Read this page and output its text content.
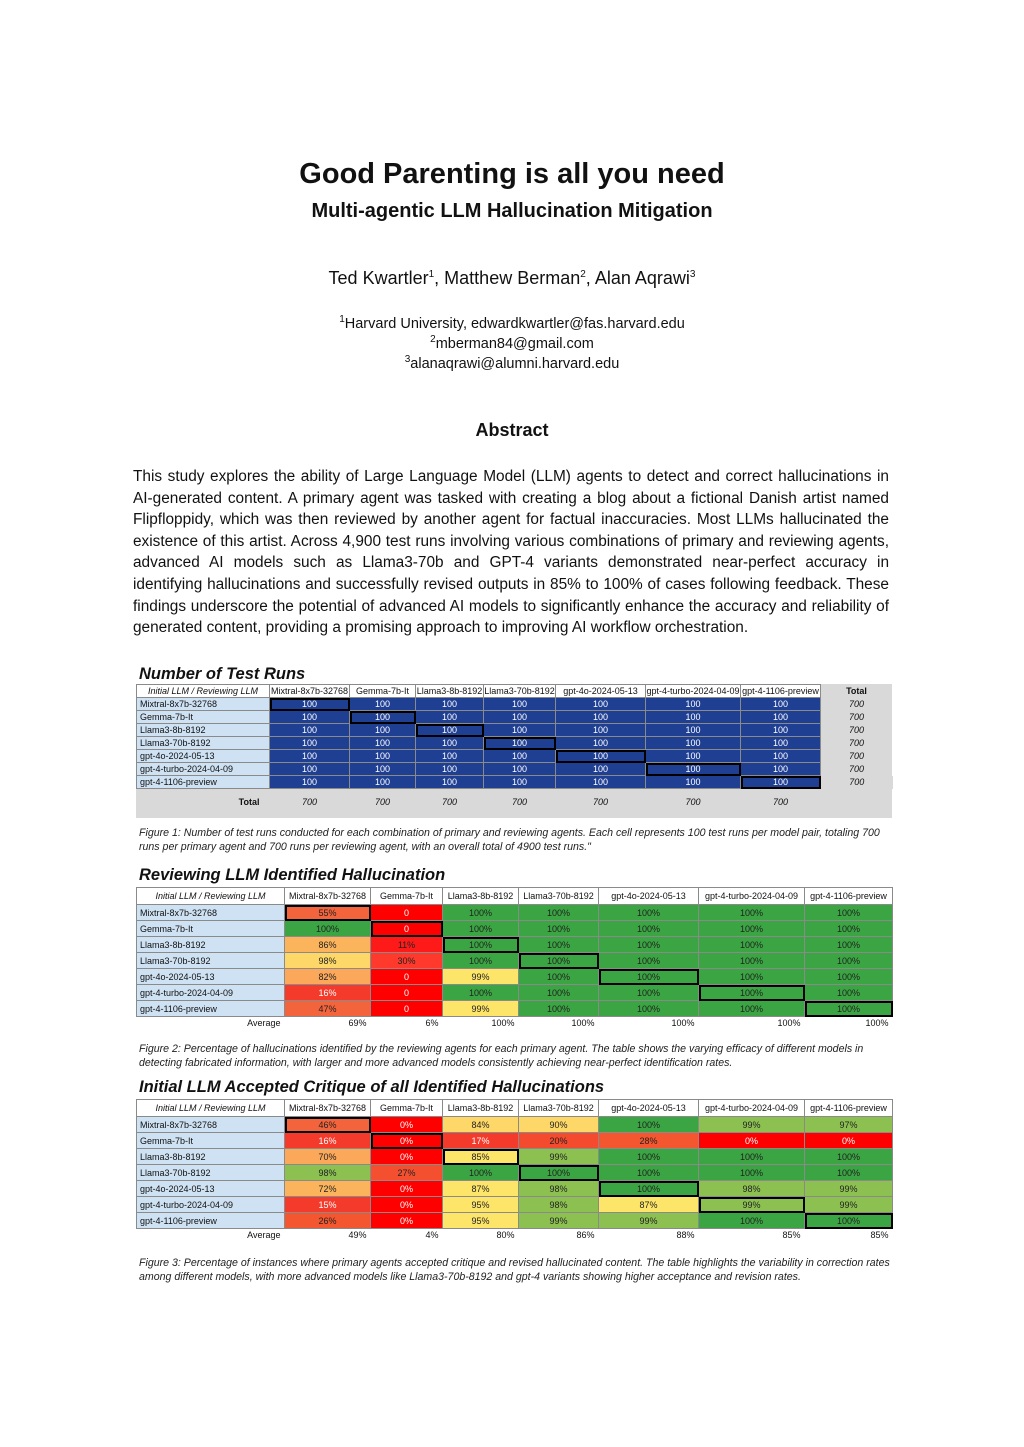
Good Parenting is all you need
Multi-agentic LLM Hallucination Mitigation
Ted Kwartler$^1$, Matthew Berman$^2$, Alan Aqrawi$^3$
$^1$Harvard University, edwardkwartler@fas.harvard.edu
$^2$mberman84@gmail.com
$^3$alanaqrawi@alumni.harvard.edu
Abstract
This study explores the ability of Large Language Model (LLM) agents to detect and correct hallucinations in AI-generated content. A primary agent was tasked with creating a blog about a fictional Danish artist named Flipfloppidy, which was then reviewed by another agent for factual inaccuracies. Most LLMs hallucinated the existence of this artist. Across 4,900 test runs involving various combinations of primary and reviewing agents, advanced AI models such as Llama3-70b and GPT-4 variants demonstrated near-perfect accuracy in identifying hallucinations and successfully revised outputs in 85% to 100% of cases following feedback. These findings underscore the potential of advanced AI models to significantly enhance the accuracy and reliability of generated content, providing a promising approach to improving AI workflow orchestration.
Number of Test Runs
Initial LLM / Reviewing LLM	Mixtral-8x7b-32768	Gemma-7b-It	Llama3-8b-8192	Llama3-70b-8192	gpt-4o-2024-05-13	gpt-4-turbo-2024-04-09	gpt-4-1106-preview	Total
Mixtral-8x7b-32768	100	100	100	100	100	100	100	700
Gemma-7b-It	100	100	100	100	100	100	100	700
Llama3-8b-8192	100	100	100	100	100	100	100	700
Llama3-70b-8192	100	100	100	100	100	100	100	700
gpt-4o-2024-05-13	100	100	100	100	100	100	100	700
gpt-4-turbo-2024-04-09	100	100	100	100	100	100	100	700
gpt-4-1106-preview	100	100	100	100	100	100	100	700
Total	700	700	700	700	700	700	700	
Figure 1: Number of test runs conducted for each combination of primary and reviewing agents. Each cell represents 100 test runs per model pair, totaling 700 runs per primary agent and 700 runs per reviewing agent, with an overall total of 4900 test runs."
Reviewing LLM Identified Hallucination
Initial LLM / Reviewing LLM	Mixtral-8x7b-32768	Gemma-7b-It	Llama3-8b-8192	Llama3-70b-8192	gpt-4o-2024-05-13	gpt-4-turbo-2024-04-09	gpt-4-1106-preview
Mixtral-8x7b-32768	55%	0	100%	100%	100%	100%	100%
Gemma-7b-It	100%	0	100%	100%	100%	100%	100%
Llama3-8b-8192	86%	11%	100%	100%	100%	100%	100%
Llama3-70b-8192	98%	30%	100%	100%	100%	100%	100%
gpt-4o-2024-05-13	82%	0	99%	100%	100%	100%	100%
gpt-4-turbo-2024-04-09	16%	0	100%	100%	100%	100%	100%
gpt-4-1106-preview	47%	0	99%	100%	100%	100%	100%
Average	69%	6%	100%	100%	100%	100%	100%
Figure 2: Percentage of hallucinations identified by the reviewing agents for each primary agent. The table shows the varying efficacy of different models in detecting fabricated information, with larger and more advanced models consistently achieving near-perfect identification rates.
Initial LLM Accepted Critique of all Identified Hallucinations
Initial LLM / Reviewing LLM	Mixtral-8x7b-32768	Gemma-7b-It	Llama3-8b-8192	Llama3-70b-8192	gpt-4o-2024-05-13	gpt-4-turbo-2024-04-09	gpt-4-1106-preview
Mixtral-8x7b-32768	46%	0%	84%	90%	100%	99%	97%
Gemma-7b-It	16%	0%	17%	20%	28%	0%	0%
Llama3-8b-8192	70%	0%	85%	99%	100%	100%	100%
Llama3-70b-8192	98%	27%	100%	100%	100%	100%	100%
gpt-4o-2024-05-13	72%	0%	87%	98%	100%	98%	99%
gpt-4-turbo-2024-04-09	15%	0%	95%	98%	87%	99%	99%
gpt-4-1106-preview	26%	0%	95%	99%	99%	100%	100%
Average	49%	4%	80%	86%	88%	85%	85%
Figure 3: Percentage of instances where primary agents accepted critique and revised hallucinated content. The table highlights the variability in correction rates among different models, with more advanced models like Llama3-70b-8192 and gpt-4 variants showing higher acceptance and revision rates.
